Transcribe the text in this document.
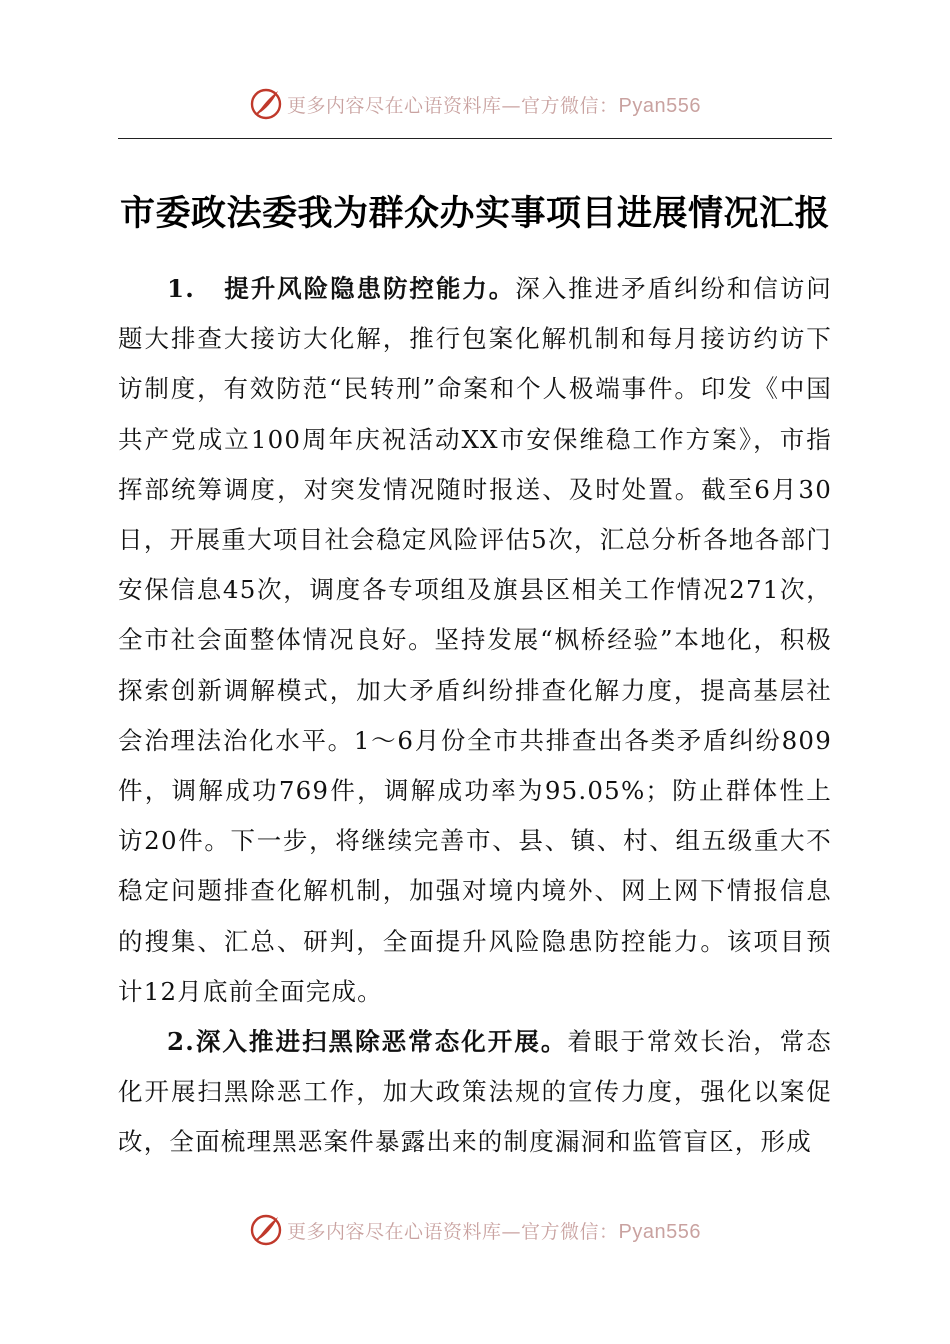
更多内容尽在心语资料库—官方微信：Pyan556
市委政法委我为群众办实事项目进展情况汇报

1. 提升风险隐患防控能力。深入推进矛盾纠纷和信访问题大排查大接访大化解，推行包案化解机制和每月接访约访下访制度，有效防范“民转刑”命案和个人极端事件。印发《中国共产党成立100周年庆祝活动XX市安保维稳工作方案》，市指挥部统筹调度，对突发情况随时报送、及时处置。截至6月30日，开展重大项目社会稳定风险评估5次，汇总分析各地各部门安保信息45次，调度各专项组及旗县区相关工作情况271次，全市社会面整体情况良好。坚持发展“枫桥经验”本地化，积极探索创新调解模式，加大矛盾纠纷排查化解力度，提高基层社会治理法治化水平。1～6月份全市共排查出各类矛盾纠纷809件，调解成功769件，调解成功率为95.05%；防止群体性上访20件。下一步，将继续完善市、县、镇、村、组五级重大不稳定问题排查化解机制，加强对境内境外、网上网下情报信息的搜集、汇总、研判，全面提升风险隐患防控能力。该项目预计12月底前全面完成。

2.深入推进扫黑除恶常态化开展。着眼于常效长治，常态化开展扫黑除恶工作，加大政策法规的宣传力度，强化以案促改，全面梳理黑恶案件暴露出来的制度漏洞和监管盲区，形成

更多内容尽在心语资料库—官方微信：Pyan556
